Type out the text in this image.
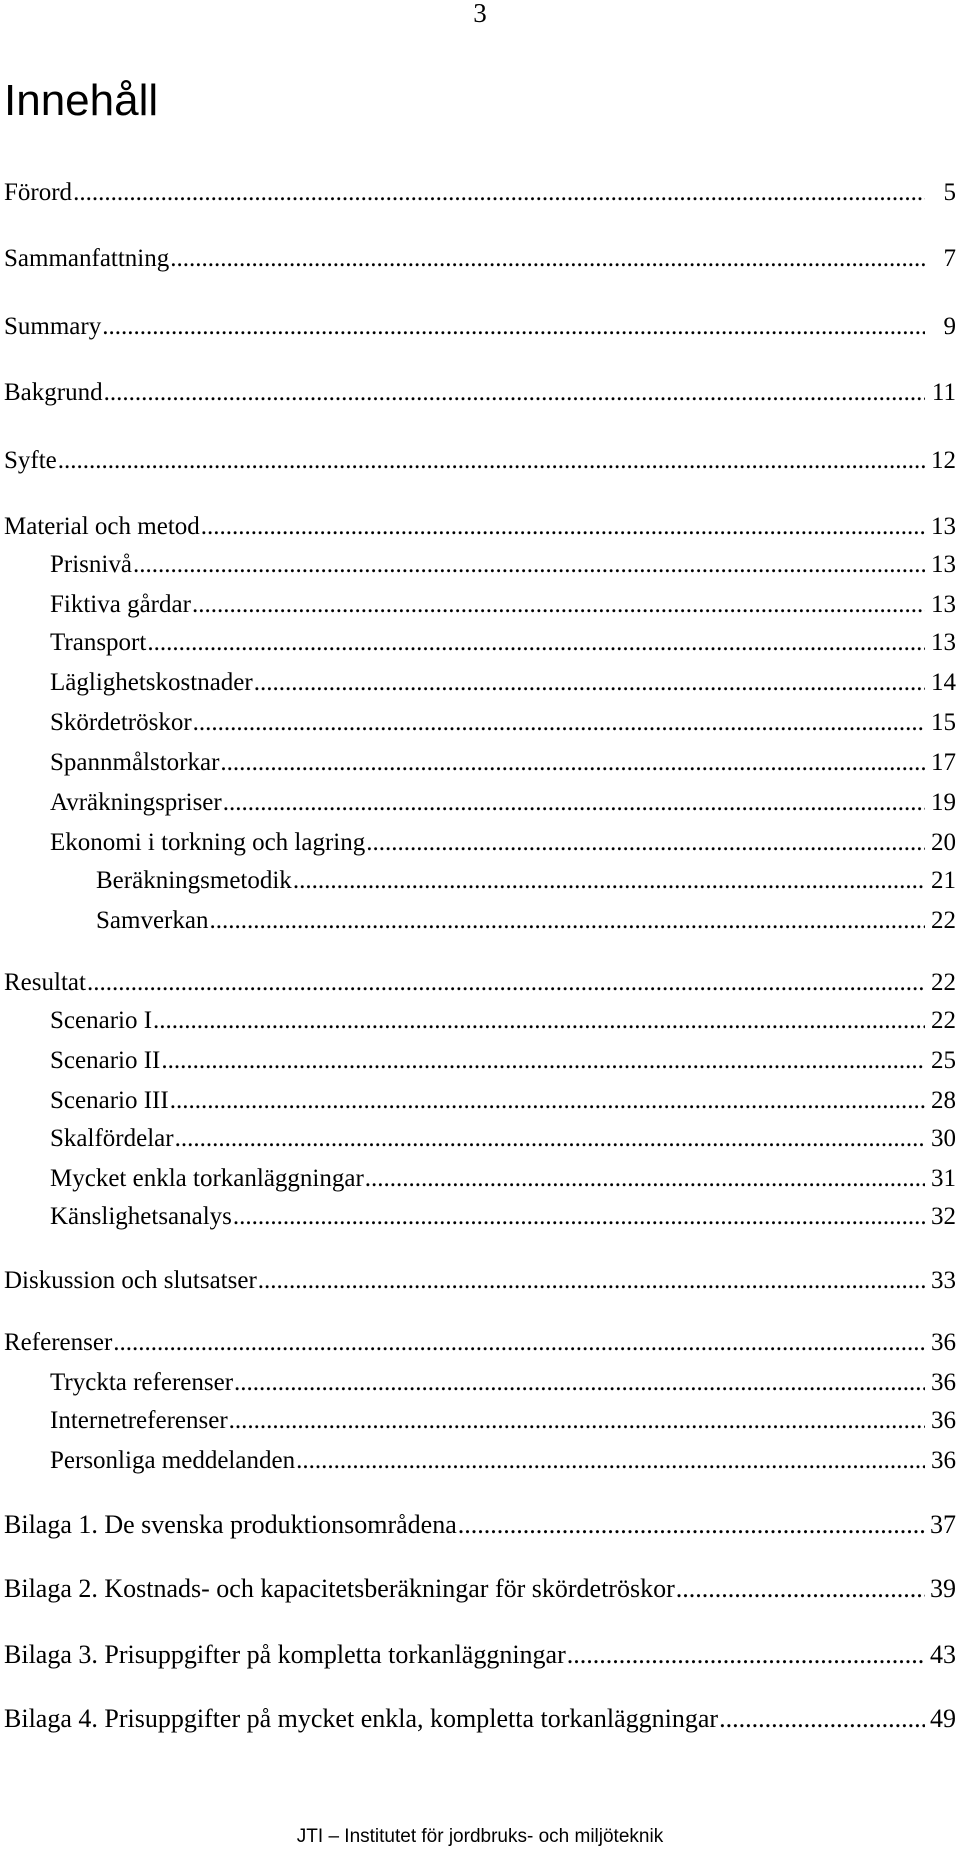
3
Innehåll
Förord .....	5
Sammanfattning .....	7
Summary .....	9
Bakgrund .....	11
Syfte .....	12
Material och metod .....	13
Prisnivå .....	13
Fiktiva gårdar .....	13
Transport .....	13
Läglighetskostnader .....	14
Skördetröskor .....	15
Spannmålstorkar .....	17
Avräkningspriser .....	19
Ekonomi i torkning och lagring .....	20
Beräkningsmetodik .....	21
Samverkan .....	22
Resultat .....	22
Scenario I .....	22
Scenario II .....	25
Scenario III .....	28
Skalfördelar .....	30
Mycket enkla torkanläggningar .....	31
Känslighetsanalys .....	32
Diskussion och slutsatser .....	33
Referenser .....	36
Tryckta referenser .....	36
Internetreferenser .....	36
Personliga meddelanden .....	36
Bilaga 1. De svenska produktionsområdena .....	37
Bilaga 2. Kostnads- och kapacitetsberäkningar för skördetröskor .....	39
Bilaga 3. Prisuppgifter på kompletta torkanläggningar .....	43
Bilaga 4. Prisuppgifter på mycket enkla, kompletta torkanläggningar .....	49
JTI – Institutet för jordbruks- och miljöteknik
